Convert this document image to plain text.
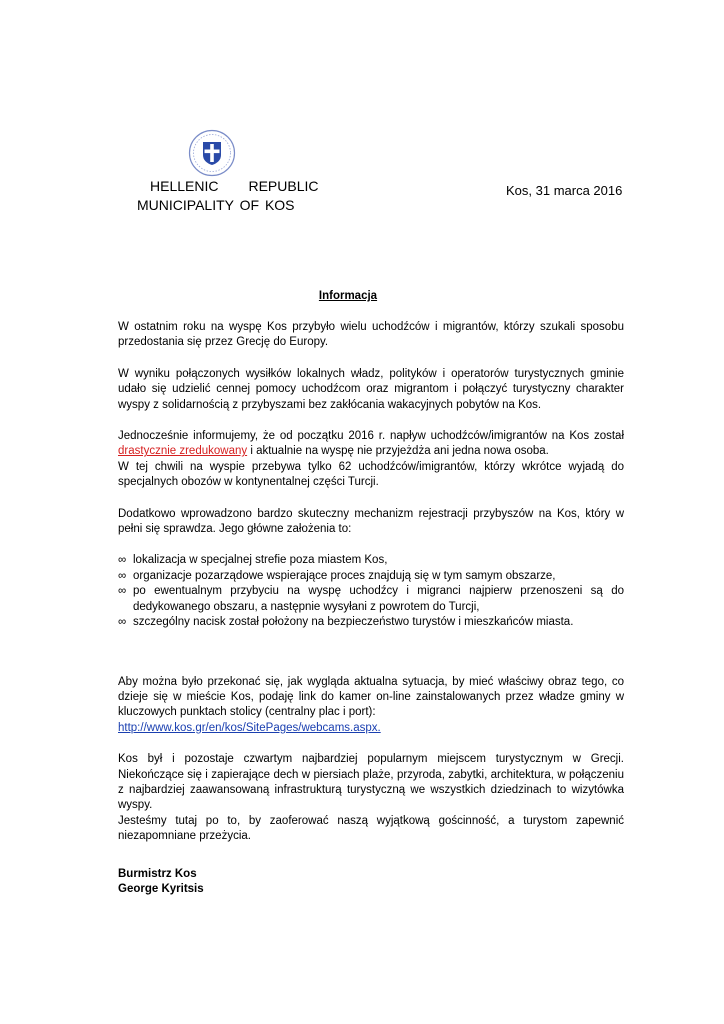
HELLENIC REPUBLIC
MUNICIPALITY OF KOS
Kos, 31 marca 2016
Informacja

W ostatnim roku na wyspę Kos przybyło wielu uchodźców i migrantów, którzy szukali sposobu przedostania się przez Grecję do Europy.

W wyniku połączonych wysiłków lokalnych władz, polityków i operatorów turystycznych gminie udało się udzielić cennej pomocy uchodźcom oraz migrantom i połączyć turystyczny charakter wyspy z solidarnością z przybyszami bez zakłócania wakacyjnych pobytów na Kos.

Jednocześnie informujemy, że od początku 2016 r. napływ uchodźców/imigrantów na Kos został drastycznie zredukowany i aktualnie na wyspę nie przyjeżdża ani jedna nowa osoba.

W tej chwili na wyspie przebywa tylko 62 uchodźców/imigrantów, którzy wkrótce wyjadą do specjalnych obozów w kontynentalnej części Turcji.

Dodatkowo wprowadzono bardzo skuteczny mechanizm rejestracji przybyszów na Kos, który w pełni się sprawdza. Jego główne założenia to:

∞ lokalizacja w specjalnej strefie poza miastem Kos,
∞ organizacje pozarządowe wspierające proces znajdują się w tym samym obszarze,
∞ po ewentualnym przybyciu na wyspę uchodźcy i migranci najpierw przenoszeni są do dedykowanego obszaru, a następnie wysyłani z powrotem do Turcji,
∞ szczególny nacisk został położony na bezpieczeństwo turystów i mieszkańców miasta.

Aby można było przekonać się, jak wygląda aktualna sytuacja, by mieć właściwy obraz tego, co dzieje się w mieście Kos, podaję link do kamer on-line zainstalowanych przez władze gminy w kluczowych punktach stolicy (centralny plac i port):

http://www.kos.gr/en/kos/SitePages/webcams.aspx.

Kos był i pozostaje czwartym najbardziej popularnym miejscem turystycznym w Grecji. Niekończące się i zapierające dech w piersiach plaże, przyroda, zabytki, architektura, w połączeniu z najbardziej zaawansowaną infrastrukturą turystyczną we wszystkich dziedzinach to wizytówka wyspy.

Jesteśmy tutaj po to, by zaoferować naszą wyjątkową gościnność, a turystom zapewnić niezapomniane przeżycia.

Burmistrz Kos

George Kyritsis
